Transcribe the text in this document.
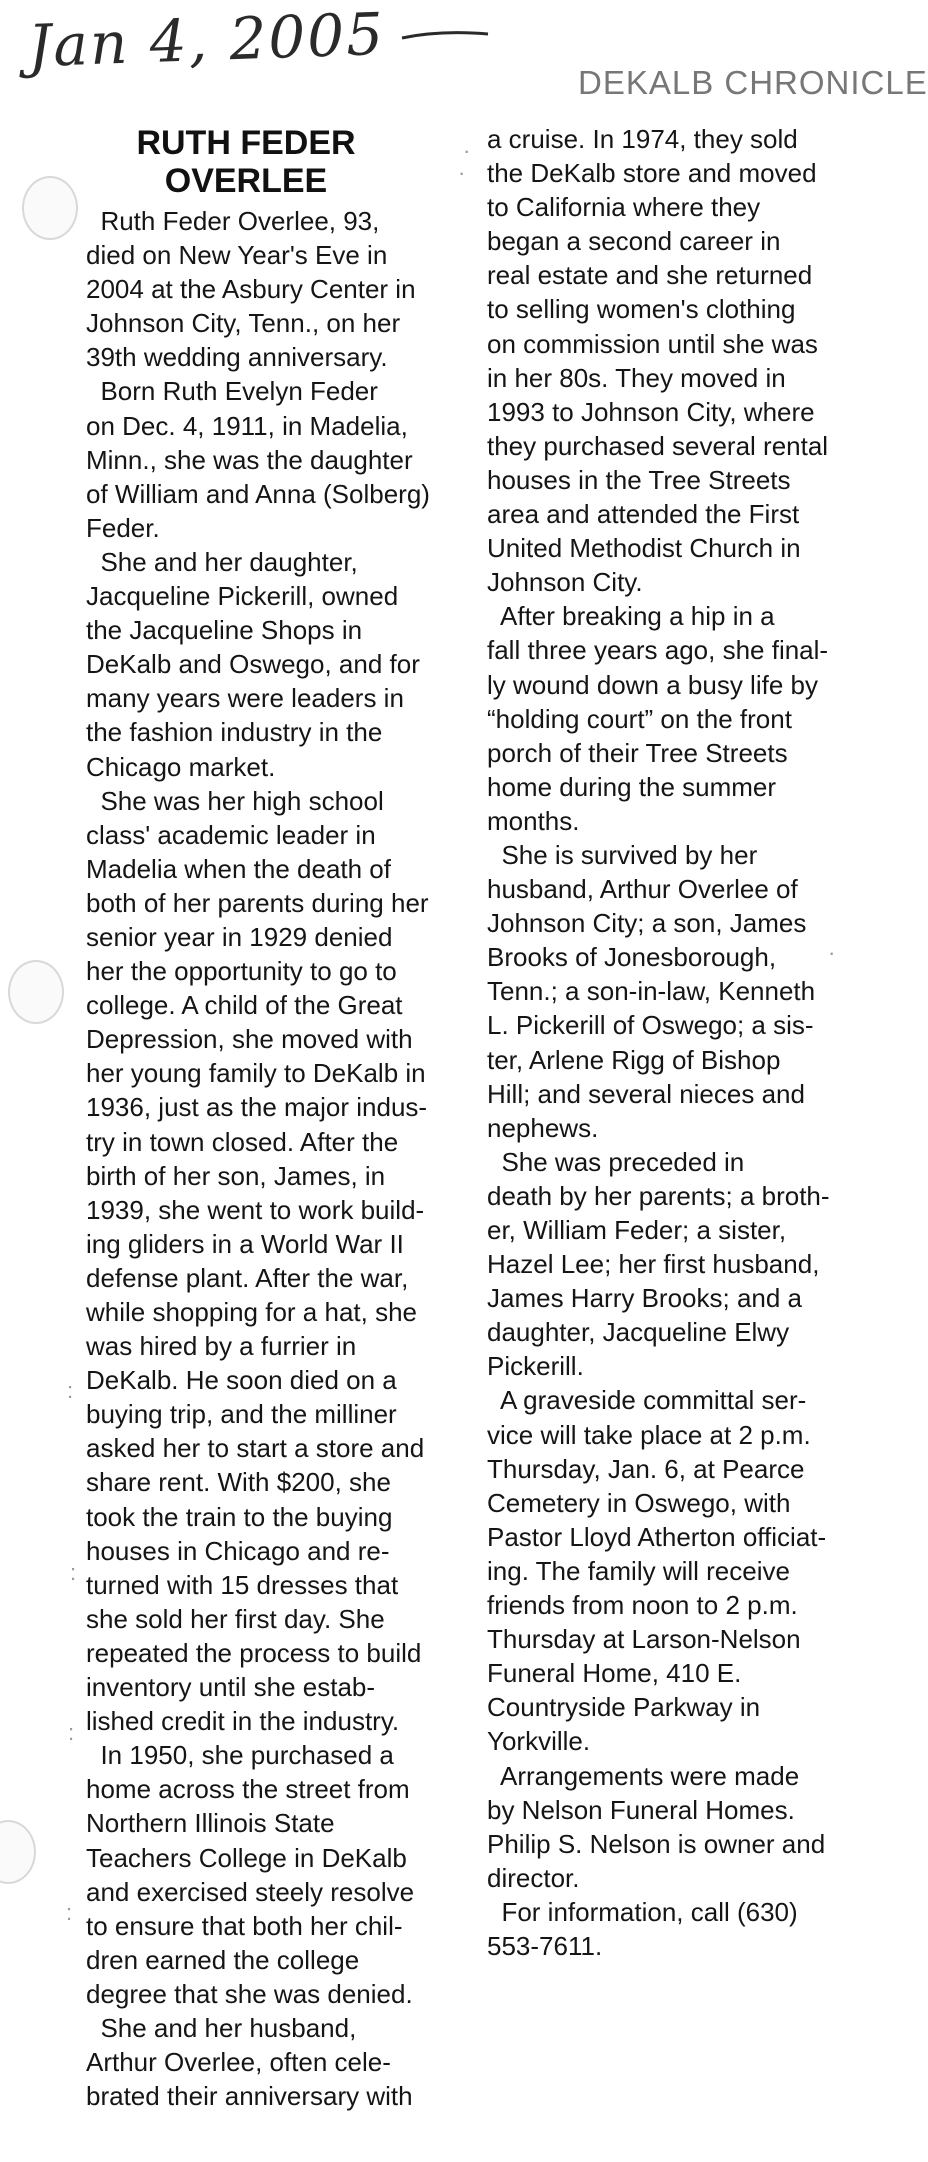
Jan 4, 2005
DEKALB CHRONICLE
RUTH FEDER
OVERLEE
Ruth Feder Overlee, 93,
died on New Year's Eve in
2004 at the Asbury Center in
Johnson City, Tenn., on her
39th wedding anniversary.
Born Ruth Evelyn Feder
on Dec. 4, 1911, in Madelia,
Minn., she was the daughter
of William and Anna (Solberg)
Feder.
She and her daughter,
Jacqueline Pickerill, owned
the Jacqueline Shops in
DeKalb and Oswego, and for
many years were leaders in
the fashion industry in the
Chicago market.
She was her high school
class' academic leader in
Madelia when the death of
both of her parents during her
senior year in 1929 denied
her the opportunity to go to
college. A child of the Great
Depression, she moved with
her young family to DeKalb in
1936, just as the major indus-
try in town closed. After the
birth of her son, James, in
1939, she went to work build-
ing gliders in a World War II
defense plant. After the war,
while shopping for a hat, she
was hired by a furrier in
DeKalb. He soon died on a
buying trip, and the milliner
asked her to start a store and
share rent. With $200, she
took the train to the buying
houses in Chicago and re-
turned with 15 dresses that
she sold her first day. She
repeated the process to build
inventory until she estab-
lished credit in the industry.
In 1950, she purchased a
home across the street from
Northern Illinois State
Teachers College in DeKalb
and exercised steely resolve
to ensure that both her chil-
dren earned the college
degree that she was denied.
She and her husband,
Arthur Overlee, often cele-
brated their anniversary with
a cruise. In 1974, they sold
the DeKalb store and moved
to California where they
began a second career in
real estate and she returned
to selling women's clothing
on commission until she was
in her 80s. They moved in
1993 to Johnson City, where
they purchased several rental
houses in the Tree Streets
area and attended the First
United Methodist Church in
Johnson City.
After breaking a hip in a
fall three years ago, she final-
ly wound down a busy life by
“holding court” on the front
porch of their Tree Streets
home during the summer
months.
She is survived by her
husband, Arthur Overlee of
Johnson City; a son, James
Brooks of Jonesborough,
Tenn.; a son-in-law, Kenneth
L. Pickerill of Oswego; a sis-
ter, Arlene Rigg of Bishop
Hill; and several nieces and
nephews.
She was preceded in
death by her parents; a broth-
er, William Feder; a sister,
Hazel Lee; her first husband,
James Harry Brooks; and a
daughter, Jacqueline Elwy
Pickerill.
A graveside committal ser-
vice will take place at 2 p.m.
Thursday, Jan. 6, at Pearce
Cemetery in Oswego, with
Pastor Lloyd Atherton officiat-
ing. The family will receive
friends from noon to 2 p.m.
Thursday at Larson-Nelson
Funeral Home, 410 E.
Countryside Parkway in
Yorkville.
Arrangements were made
by Nelson Funeral Homes.
Philip S. Nelson is owner and
director.
For information, call (630)
553-7611.
·
·
:
:
:
:
·
